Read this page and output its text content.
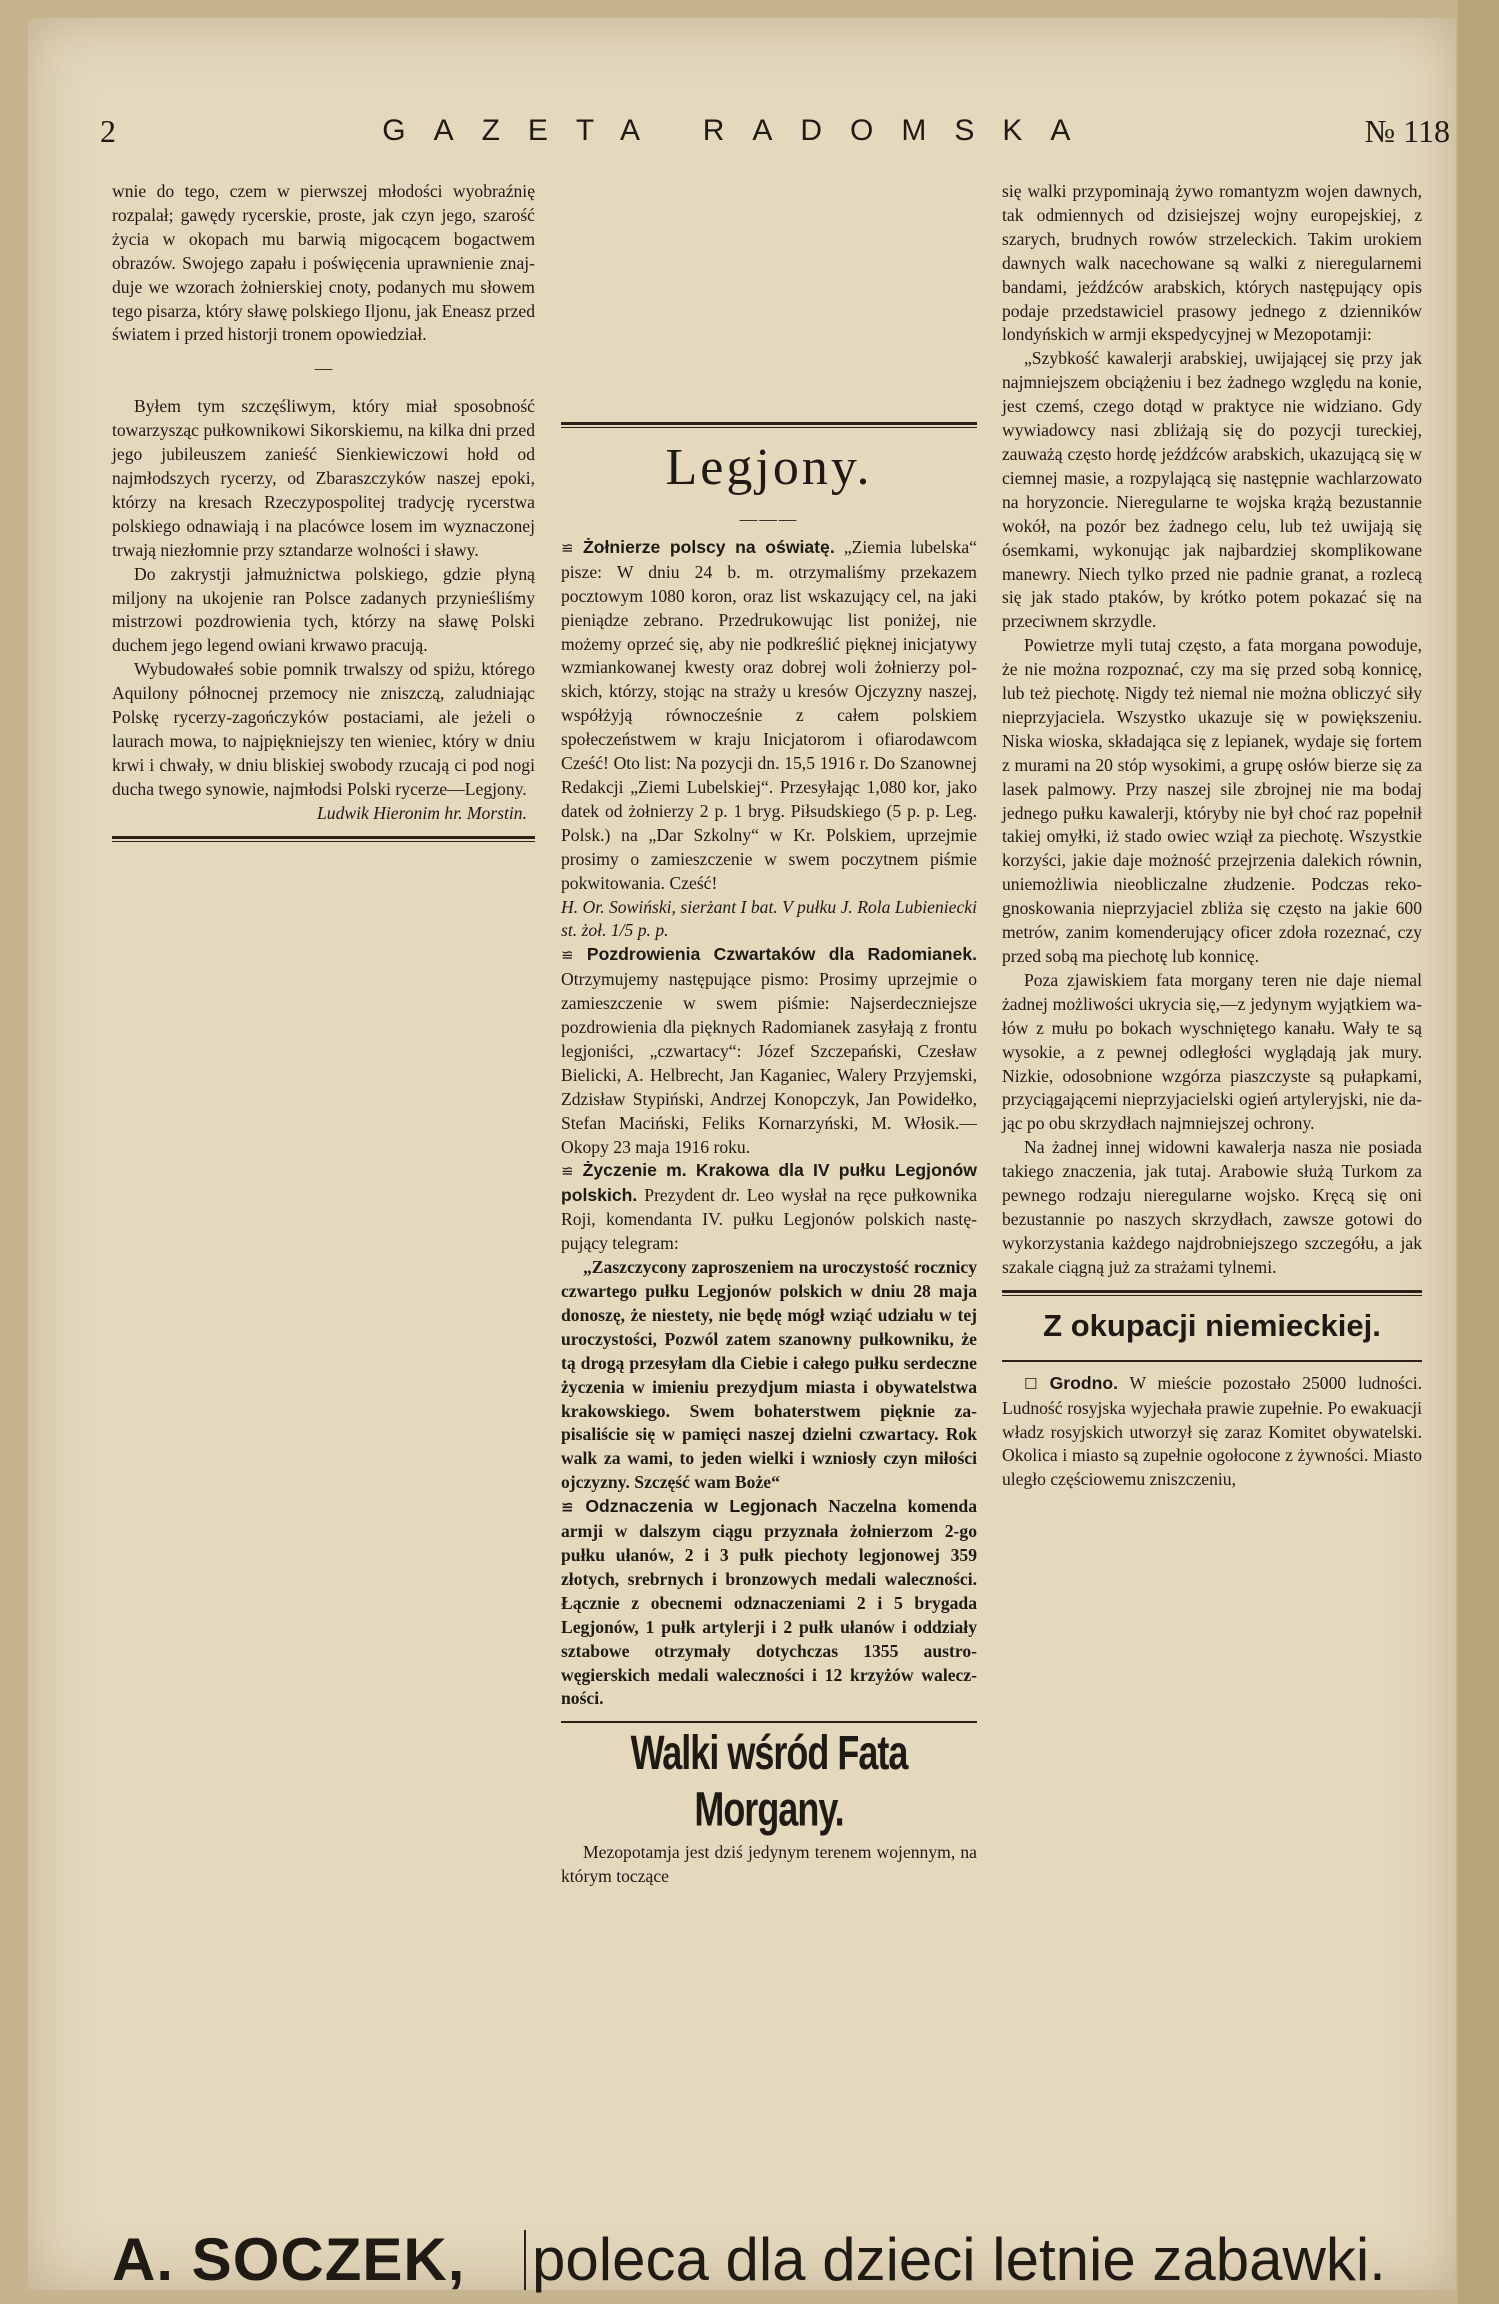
2	GAZETA RADOMSKA	№ 118

wnie do tego, czem w pierwszej młodości wyobraźnię rozpalał; gawędy rycerskie, proste, jak czyn jego, szarość życia w okopach mu barwią migocącem bogactwem obrazów. Swojego zapału i poświęcenia uprawnienie znajduje we wzorach żołnierskiej cnoty, podanych mu słowem tego pisarza, który sławę polskiego Iljonu, jak Eneasz przed światem i przed historji tronem opowiedział.

—

Byłem tym szczęśliwym, który miał sposobność towarzysząc pułkownikowi Sikorskiemu, na kilka dni przed jego jubileuszem zanieść Sienkiewiczowi hołd od najmłodszych rycerzy, od Zbaraszczyków naszej epoki, którzy na kresach Rzeczypospolitej tradycję rycerstwa polskiego odnawiają i na placówce losem im wyznaczonej trwają niezłomnie przy sztandarze wolności i sławy.

Do zakrystji jałmużnictwa polskiego, gdzie płyną miljony na ukojenie ran Polsce zadanych przynieśliśmy mistrzowi pozdrowienia tych, którzy na sławę Polski duchem jego legend owiani krwawo pracują.

Wybudowałeś sobie pomnik trwalszy od spiżu, którego Aquilony północnej przemocy nie zniszczą, zaludniając Polskę rycerzy-zagończyków postaciami, ale jeżeli o laurach mowa, to najpiękniejszy ten wieniec, który w dniu krwi i chwały, w dniu bliskiej swobody rzucają ci pod nogi ducha twego synowie, najmłodsi Polski rycerze—Legjony.

Ludwik Hieronim hr. Morstin.
Legjony.
―――

≌ Żołnierze polscy na oświatę. „Ziemia lubelska“ pisze: W dniu 24 b. m. otrzymaliśmy przekazem pocztowym 1080 koron, oraz list wskazujący cel, na jaki pieniądze zebrano. Przedrukowując list poniżej, nie możemy oprzeć się, aby nie podkreślić pięknej inicjatywy wzmiankowanej kwesty oraz dobrej woli żołnierzy polskich, którzy, stojąc na straży u kresów Ojczyzny naszej, współżyją równocześnie z całem polskiem społeczeństwem w kraju Inicjatorom i ofiarodawcom Cześć! Oto list: Na pozycji dn. 15,5 1916 r. Do Szanownej Redakcji „Ziemi Lubelskiej“. Przesyłając 1,080 kor, jako datek od żołnierzy 2 p. 1 bryg. Piłsudskiego (5 p. p. Leg. Polsk.) na „Dar Szkolny“ w Kr. Polskiem, uprzejmie prosimy o zamieszczenie w swem poczytnem piśmie pokwitowania. Cześć!

H. Or. Sowiński, sierżant I bat. V pułku J. Rola Lubieniecki st. żoł. 1/5 p. p.

≌ Pozdrowienia Czwartaków dla Radomianek. Otrzymujemy następujące pismo: Prosimy uprzejmie o zamieszczenie w swem piśmie: Najserdeczniejsze pozdrowienia dla pięknych Radomianek zasyłają z frontu legjoniści, „czwartacy“: Józef Szczepański, Czesław Bielicki, A. Helbrecht, Jan Kaganiec, Walery Przyjemski, Zdzisław Stypiński, Andrzej Konopczyk, Jan Powidełko, Stefan Maciński, Feliks Kornarzyński, M. Włosik.—Okopy 23 maja 1916 roku.

≌ Życzenie m. Krakowa dla IV pułku Legjonów polskich. Prezydent dr. Leo wysłał na ręce pułkownika Roji, komendanta IV. pułku Legjonów polskich następujący telegram:

„Zaszczycony zaproszeniem na uroczystość rocznicy czwartego pułku Legjonów polskich w dniu 28 maja donoszę, że niestety, nie będę mógł wziąć udziału w tej uroczystości, Pozwól zatem szanowny pułkowniku, że tą drogą przesyłam dla Ciebie i całego pułku serdeczne życzenia w imieniu prezydjum miasta i obywatelstwa krakowskiego. Swem bohaterstwem pięknie zapisaliście się w pamięci naszej dzielni czwartacy. Rok walk za wami, to jeden wielki i wzniosły czyn miłości ojczyzny. Szczęść wam Boże“

≌ Odznaczenia w Legjonach Naczelna komenda armji w dalszym ciągu przyznała żołnierzom 2-go pułku ułanów, 2 i 3 pułk piechoty legjonowej 359 złotych, srebrnych i bronzowych medali waleczności. Łącznie z obecnemi odznaczeniami 2 i 5 brygada Legjonów, 1 pułk artylerji i 2 pułk ułanów i oddziały sztabowe otrzymały dotychczas 1355 austro-węgierskich medali waleczności i 12 krzyżów waleczności.

Walki wśród Fata Morgany.

Mezopotamja jest dziś jedynym terenem wojennym, na którym toczące

się walki przypominają żywo romantyzm wojen dawnych, tak odmiennych od dzisiejszej wojny europejskiej, z szarych, brudnych rowów strzeleckich. Takim urokiem dawnych walk nacechowane są walki z nieregularnemi bandami, jeźdźców arabskich, których następujący opis podaje przedstawiciel prasowy jednego z dzienników londyńskich w armji ekspedycyjnej w Mezopotamji:

„Szybkość kawalerji arabskiej, uwijającej się przy jak najmniejszem obciążeniu i bez żadnego względu na konie, jest czemś, czego dotąd w praktyce nie widziano. Gdy wywiadowcy nasi zbliżają się do pozycji tureckiej, zauważą często hordę jeźdźców arabskich, ukazującą się w ciemnej masie, a rozpylającą się następnie wachlarzowato na horyzoncie. Nieregularne te wojska krążą bezustannie wokół, na pozór bez żadnego celu, lub też uwijają się ósemkami, wykonując jak najbardziej skomplikowane manewry. Niech tylko przed nie padnie granat, a rozlecą się jak stado ptaków, by krótko potem pokazać się na przeciwnem skrzydle.

Powietrze myli tutaj często, a fata morgana powoduje, że nie można rozpoznać, czy ma się przed sobą konnicę, lub też piechotę. Nigdy też niemal nie można obliczyć siły nieprzyjaciela. Wszystko ukazuje się w powiększeniu. Niska wioska, składająca się z lepianek, wydaje się fortem z murami na 20 stóp wysokimi, a grupę osłów bierze się za lasek palmowy. Przy naszej sile zbrojnej nie ma bodaj jednego pułku kawalerji, któryby nie był choć raz popełnił takiej omyłki, iż stado owiec wziął za piechotę. Wszystkie korzyści, jakie daje możność przejrzenia dalekich równin, uniemożliwia nieobliczalne złudzenie. Podczas rekognoskowania nieprzyjaciel zbliża się często na jakie 600 metrów, zanim komenderujący oficer zdoła rozeznać, czy przed sobą ma piechotę lub konnicę.

Poza zjawiskiem fata morgany teren nie daje niemal żadnej możliwości ukrycia się,—z jedynym wyjątkiem wałów z mułu po bokach wyschniętego kanału. Wały te są wysokie, a z pewnej odległości wyglądają jak mury. Nizkie, odosobnione wzgórza piaszczyste są pułapkami, przyciągającemi nieprzyjacielski ogień artyleryjski, nie dając po obu skrzydłach najmniejszej ochrony.

Na żadnej innej widowni kawalerja nasza nie posiada takiego znaczenia, jak tutaj. Arabowie służą Turkom za pewnego rodzaju nieregularne wojsko. Kręcą się oni bezustannie po naszych skrzydłach, zawsze gotowi do wykorzystania każdego najdrobniejszego szczegółu, a jak szakale ciągną już za strażami tylnemi.

Z okupacji niemieckiej.

☐ Grodno. W mieście pozostało 25000 ludności. Ludność rosyjska wyjechała prawie zupełnie. Po ewakuacji władz rosyjskich utworzył się zaraz Komitet obywatelski. Okolica i miasto są zupełnie ogołocone z żywności. Miasto uległo częściowemu zniszczeniu,

A. SOCZEK, poleca dla dzieci letnie zabawki.
